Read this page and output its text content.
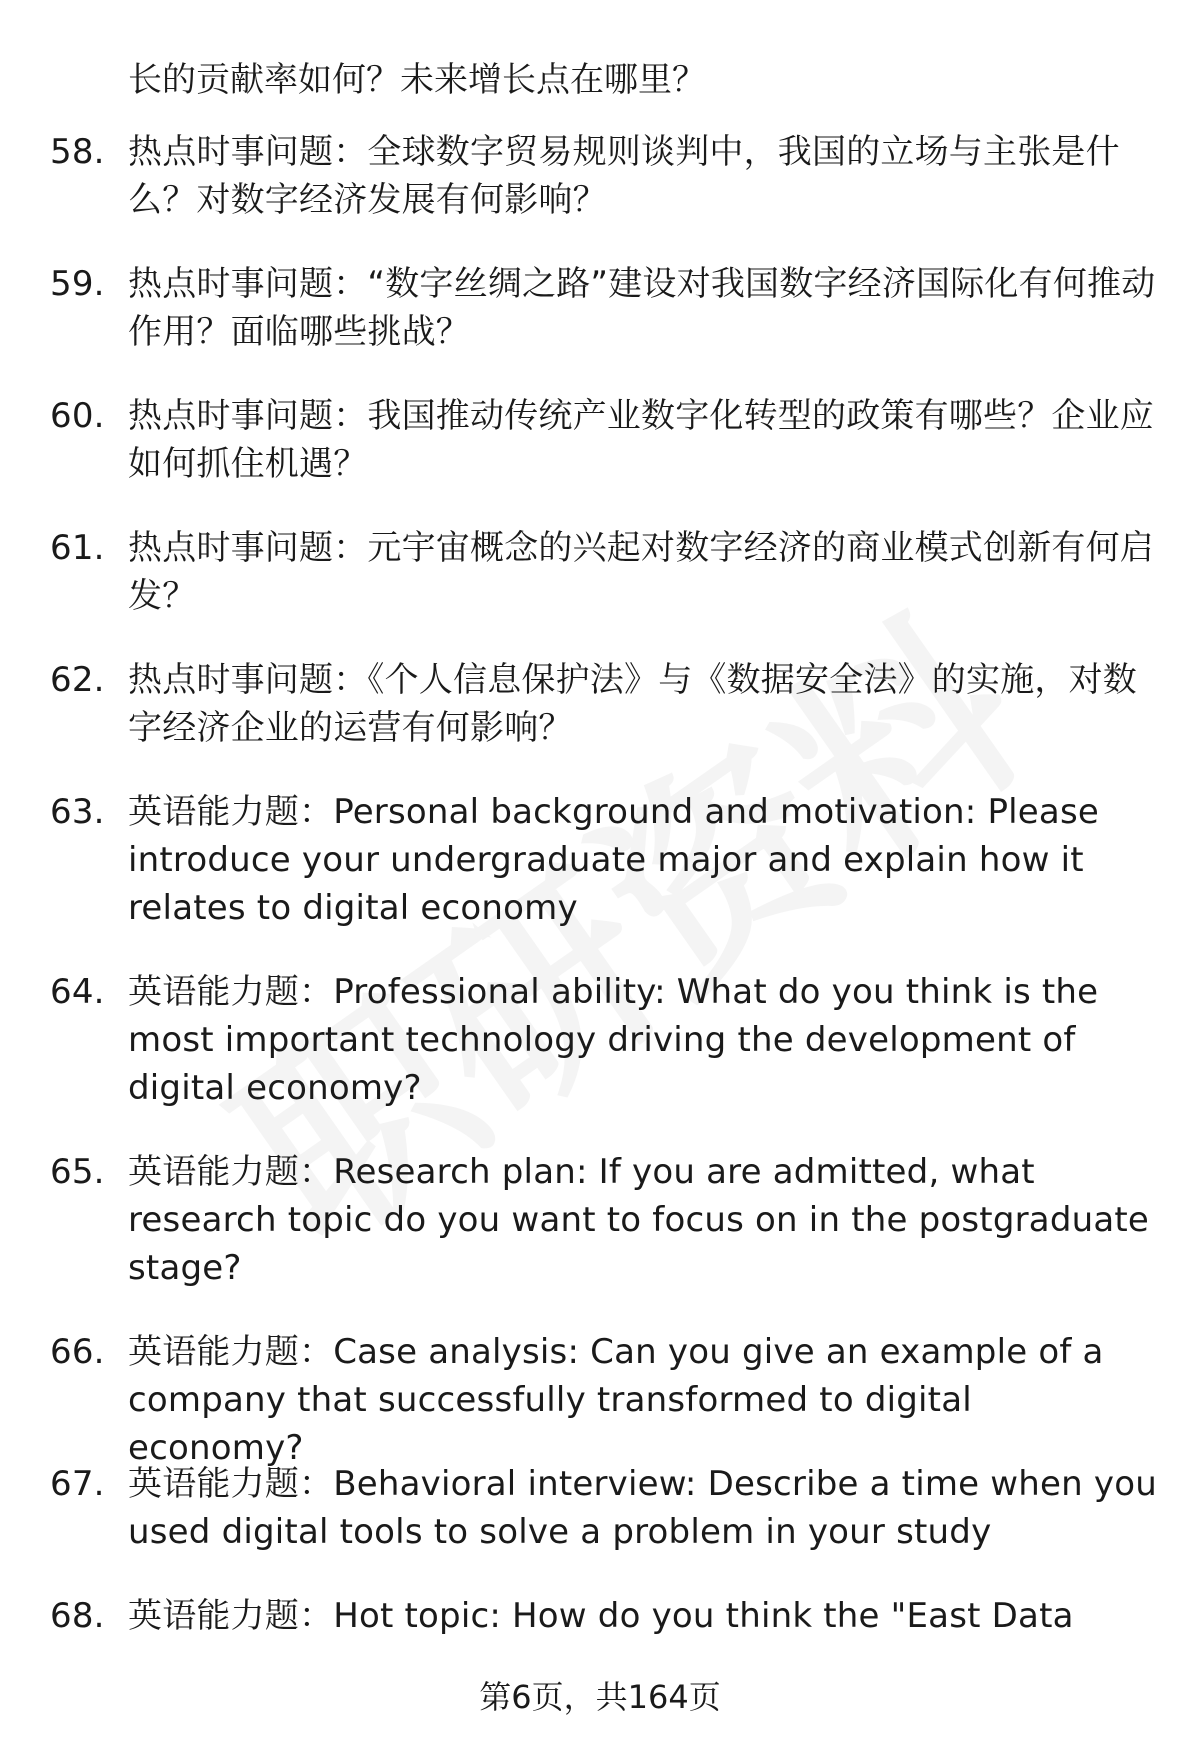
长的贡献率如何？未来增长点在哪里？
58. 热点时事问题：全球数字贸易规则谈判中，我国的立场与主张是什么？对数字经济发展有何影响？
59. 热点时事问题：“数字丝绸之路”建设对我国数字经济国际化有何推动作用？面临哪些挑战？
60. 热点时事问题：我国推动传统产业数字化转型的政策有哪些？企业应如何抓住机遇？
61. 热点时事问题：元宇宙概念的兴起对数字经济的商业模式创新有何启发？
62. 热点时事问题：《个人信息保护法》与《数据安全法》的实施，对数字经济企业的运营有何影响？
63. 英语能力题：Personal background and motivation: Please introduce your undergraduate major and explain how it relates to digital economy
64. 英语能力题：Professional ability: What do you think is the most important technology driving the development of digital economy?
65. 英语能力题：Research plan: If you are admitted, what research topic do you want to focus on in the postgraduate stage?
66. 英语能力题：Case analysis: Can you give an example of a company that successfully transformed to digital economy?
67. 英语能力题：Behavioral interview: Describe a time when you used digital tools to solve a problem in your study
68. 英语能力题：Hot topic: How do you think the "East Data
第6页，共164页
